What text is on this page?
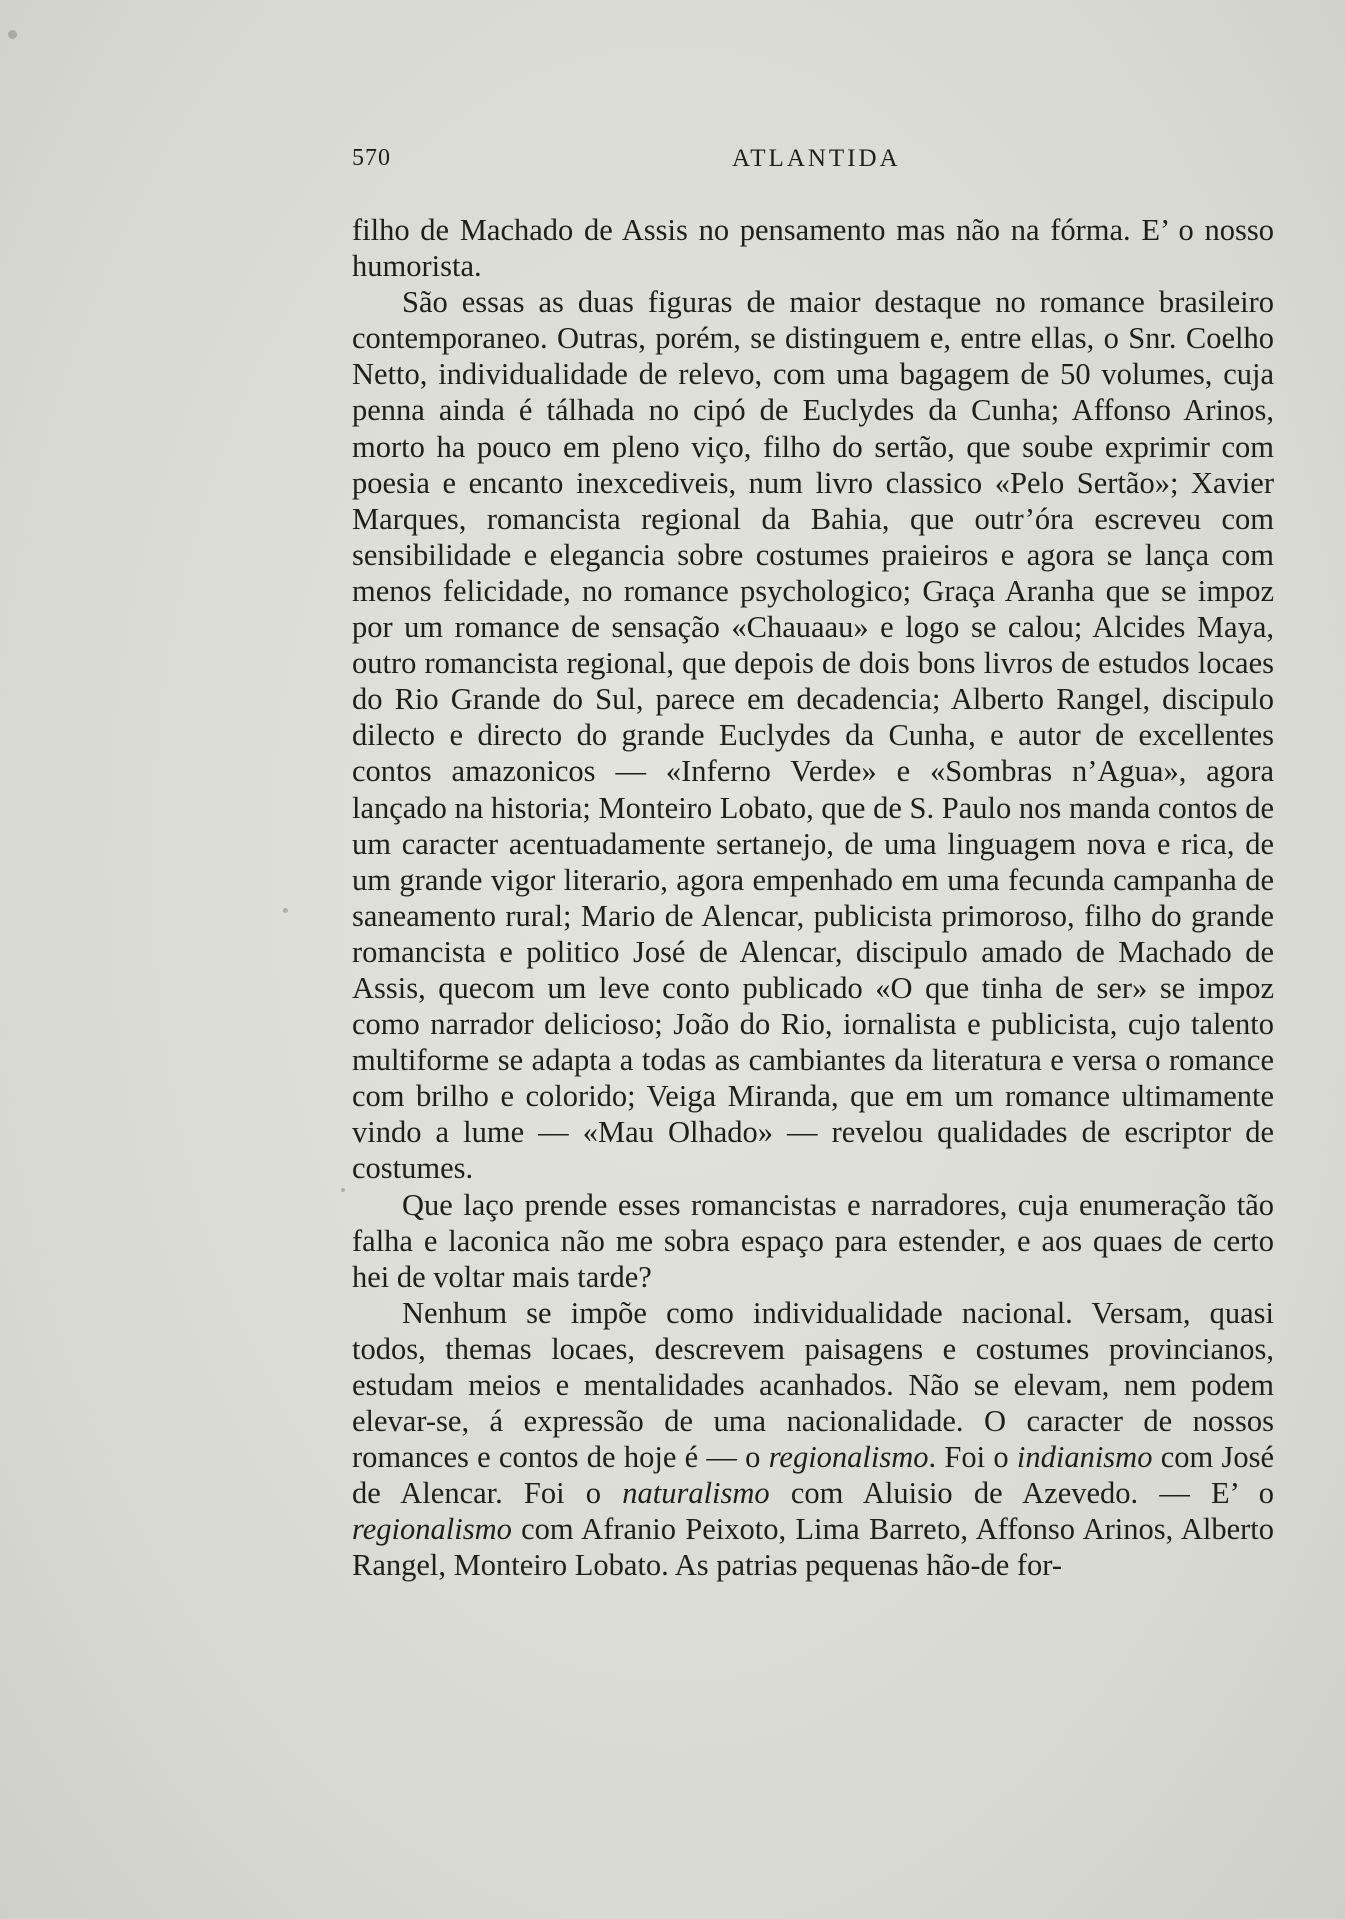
570	ATLANTIDA

filho de Machado de Assis no pensamento mas não na fórma. E’ o nosso humorista.

São essas as duas figuras de maior destaque no romance brasileiro contemporaneo. Outras, porém, se distinguem e, entre ellas, o Snr. Coelho Netto, individualidade de relevo, com uma bagagem de 50 volumes, cuja penna ainda é tálhada no cipó de Euclydes da Cunha; Affonso Arinos, morto ha pouco em pleno viço, filho do sertão, que soube exprimir com poesia e encanto inexcediveis, num livro classico «Pelo Sertão»; Xavier Marques, romancista regional da Bahia, que outr’óra escreveu com sensibilidade e elegancia sobre costumes praieiros e agora se lança com menos felicidade, no romance psychologico; Graça Aranha que se impoz por um romance de sensação «Chauaau» e logo se calou; Alcides Maya, outro romancista regional, que depois de dois bons livros de estudos locaes do Rio Grande do Sul, parece em decadencia; Alberto Rangel, discipulo dilecto e directo do grande Euclydes da Cunha, e autor de excellentes contos amazonicos — «Inferno Verde» e «Sombras n’Agua», agora lançado na historia; Monteiro Lobato, que de S. Paulo nos manda contos de um caracter acentuadamente sertanejo, de uma linguagem nova e rica, de um grande vigor literario, agora empenhado em uma fecunda campanha de saneamento rural; Mario de Alencar, publicista primoroso, filho do grande romancista e politico José de Alencar, discipulo amado de Machado de Assis, quecom um leve conto publicado «O que tinha de ser» se impoz como narrador delicioso; João do Rio, iornalista e publicista, cujo talento multiforme se adapta a todas as cambiantes da literatura e versa o romance com brilho e colorido; Veiga Miranda, que em um romance ultimamente vindo a lume — «Mau Olhado» — revelou qualidades de escriptor de costumes.

Que laço prende esses romancistas e narradores, cuja enumeração tão falha e laconica não me sobra espaço para estender, e aos quaes de certo hei de voltar mais tarde?

Nenhum se impõe como individualidade nacional. Versam, quasi todos, themas locaes, descrevem paisagens e costumes provincianos, estudam meios e mentalidades acanhados. Não se elevam, nem podem elevar-se, á expressão de uma nacionalidade. O caracter de nossos romances e contos de hoje é — o regionalismo. Foi o indianismo com José de Alencar. Foi o naturalismo com Aluisio de Azevedo. — E’ o regionalismo com Afranio Peixoto, Lima Barreto, Affonso Arinos, Alberto Rangel, Monteiro Lobato. As patrias pequenas hão-de for-
